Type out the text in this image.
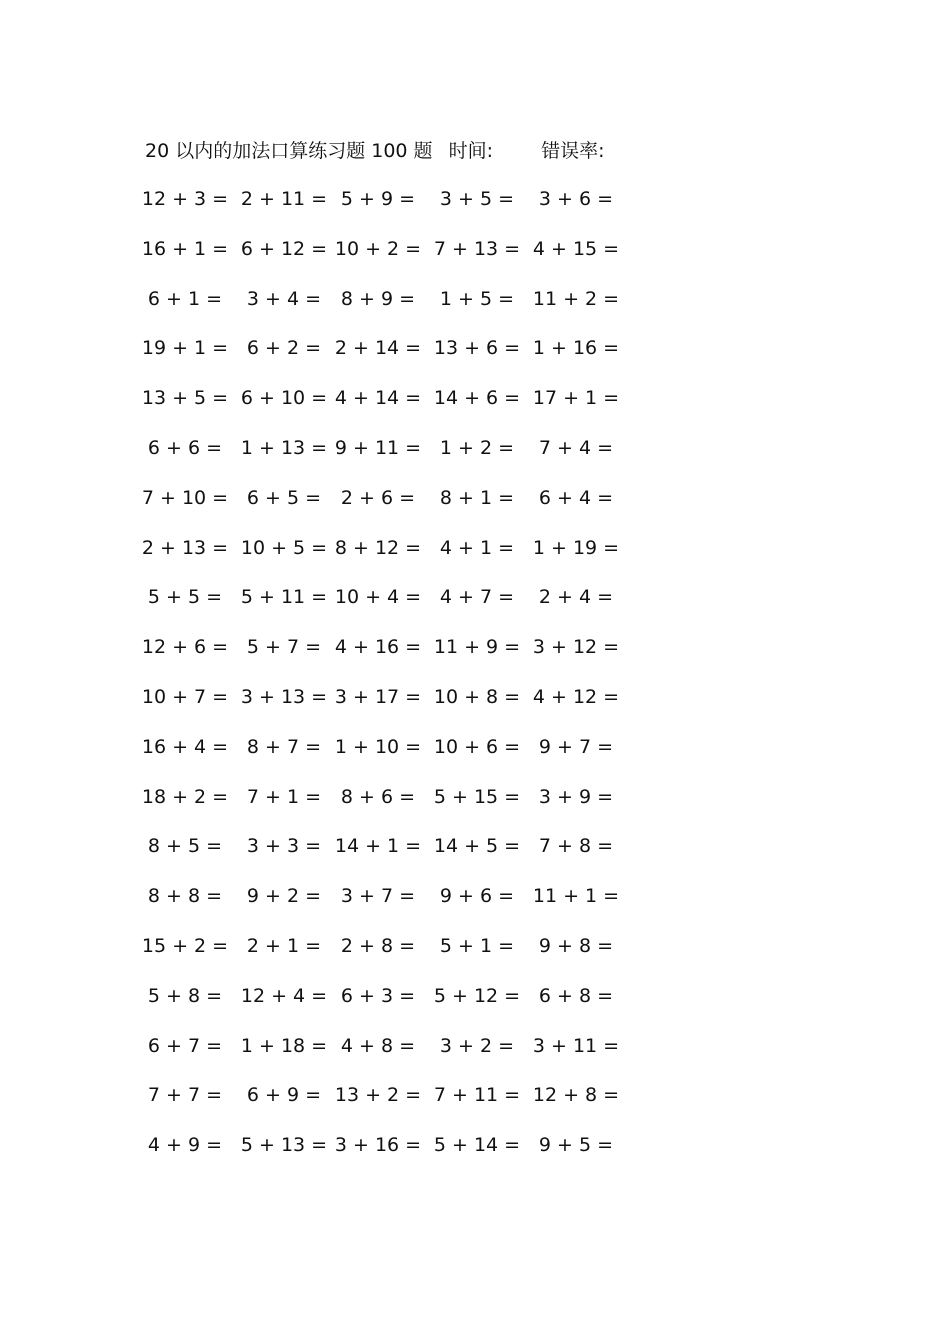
20 以内的加法口算练习题 100 题 时间:	错误率:
12 + 3 = 2 + 11 = 5 + 9 =	3 + 5 =	3 + 6 =
16 + 1 = 6 + 12 = 10 + 2 = 7 + 13 = 4 + 15 =
6 + 1 =	3 + 4 =	8 + 9 =	1 + 5 = 11 + 2 =
19 + 1 = 6 + 2 = 2 + 14 = 13 + 6 = 1 + 16 =
13 + 5 = 6 + 10 = 4 + 14 = 14 + 6 = 17 + 1 =
6 + 6 = 1 + 13 = 9 + 11 = 1 + 2 =	7 + 4 =
7 + 10 = 6 + 5 =	2 + 6 =	8 + 1 =	6 + 4 =
2 + 13 = 10 + 5 = 8 + 12 = 4 + 1 = 1 + 19 =
5 + 5 = 5 + 11 = 10 + 4 = 4 + 7 =	2 + 4 =
12 + 6 = 5 + 7 = 4 + 16 = 11 + 9 = 3 + 12 =
10 + 7 = 3 + 13 = 3 + 17 = 10 + 8 = 4 + 12 =
16 + 4 = 8 + 7 = 1 + 10 = 10 + 6 = 9 + 7 =
18 + 2 = 7 + 1 =	8 + 6 = 5 + 15 = 3 + 9 =
8 + 5 =	3 + 3 = 14 + 1 = 14 + 5 = 7 + 8 =
8 + 8 =	9 + 2 =	3 + 7 =	9 + 6 = 11 + 1 =
15 + 2 = 2 + 1 =	2 + 8 =	5 + 1 =	9 + 8 =
5 + 8 = 12 + 4 = 6 + 3 = 5 + 12 = 6 + 8 =
6 + 7 = 1 + 18 = 4 + 8 =	3 + 2 = 3 + 11 =
7 + 7 =	6 + 9 = 13 + 2 = 7 + 11 = 12 + 8 =
4 + 9 = 5 + 13 = 3 + 16 = 5 + 14 = 9 + 5 =
